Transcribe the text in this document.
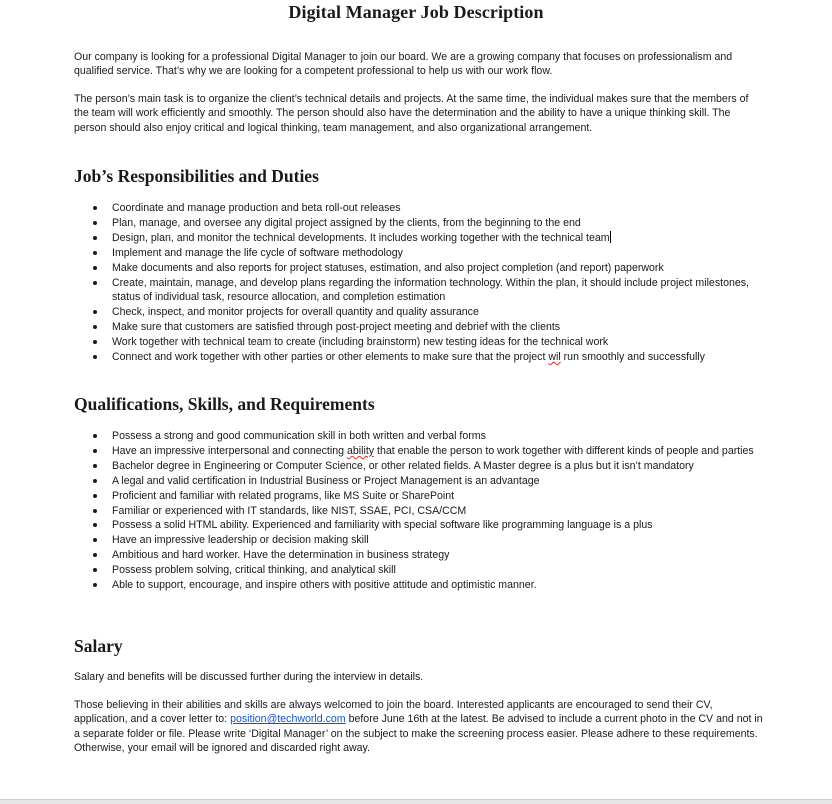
Digital Manager Job Description

Our company is looking for a professional Digital Manager to join our board. We are a growing company that focuses on professionalism and qualified service. That’s why we are looking for a competent professional to help us with our work flow.

The person’s main task is to organize the client’s technical details and projects. At the same time, the individual makes sure that the members of the team will work efficiently and smoothly. The person should also have the determination and the ability to have a unique thinking skill. The person should also enjoy critical and logical thinking, team management, and also organizational arrangement.

Job’s Responsibilities and Duties
Coordinate and manage production and beta roll-out releases
Plan, manage, and oversee any digital project assigned by the clients, from the beginning to the end
Design, plan, and monitor the technical developments. It includes working together with the technical team
Implement and manage the life cycle of software methodology
Make documents and also reports for project statuses, estimation, and also project completion (and report) paperwork
Create, maintain, manage, and develop plans regarding the information technology. Within the plan, it should include project milestones, status of individual task, resource allocation, and completion estimation
Check, inspect, and monitor projects for overall quantity and quality assurance
Make sure that customers are satisfied through post-project meeting and debrief with the clients
Work together with technical team to create (including brainstorm) new testing ideas for the technical work
Connect and work together with other parties or other elements to make sure that the project wil run smoothly and successfully
Qualifications, Skills, and Requirements
Possess a strong and good communication skill in both written and verbal forms
Have an impressive interpersonal and connecting ability that enable the person to work together with different kinds of people and parties
Bachelor degree in Engineering or Computer Science, or other related fields. A Master degree is a plus but it isn’t mandatory
A legal and valid certification in Industrial Business or Project Management is an advantage
Proficient and familiar with related programs, like MS Suite or SharePoint
Familiar or experienced with IT standards, like NIST, SSAE, PCI, CSA/CCM
Possess a solid HTML ability. Experienced and familiarity with special software like programming language is a plus
Have an impressive leadership or decision making skill
Ambitious and hard worker. Have the determination in business strategy
Possess problem solving, critical thinking, and analytical skill
Able to support, encourage, and inspire others with positive attitude and optimistic manner.
Salary

Salary and benefits will be discussed further during the interview in details.

Those believing in their abilities and skills are always welcomed to join the board. Interested applicants are encouraged to send their CV, application, and a cover letter to: position@techworld.com before June 16th at the latest. Be advised to include a current photo in the CV and not in a separate folder or file. Please write ‘Digital Manager’ on the subject to make the screening process easier. Please adhere to these requirements. Otherwise, your email will be ignored and discarded right away.
